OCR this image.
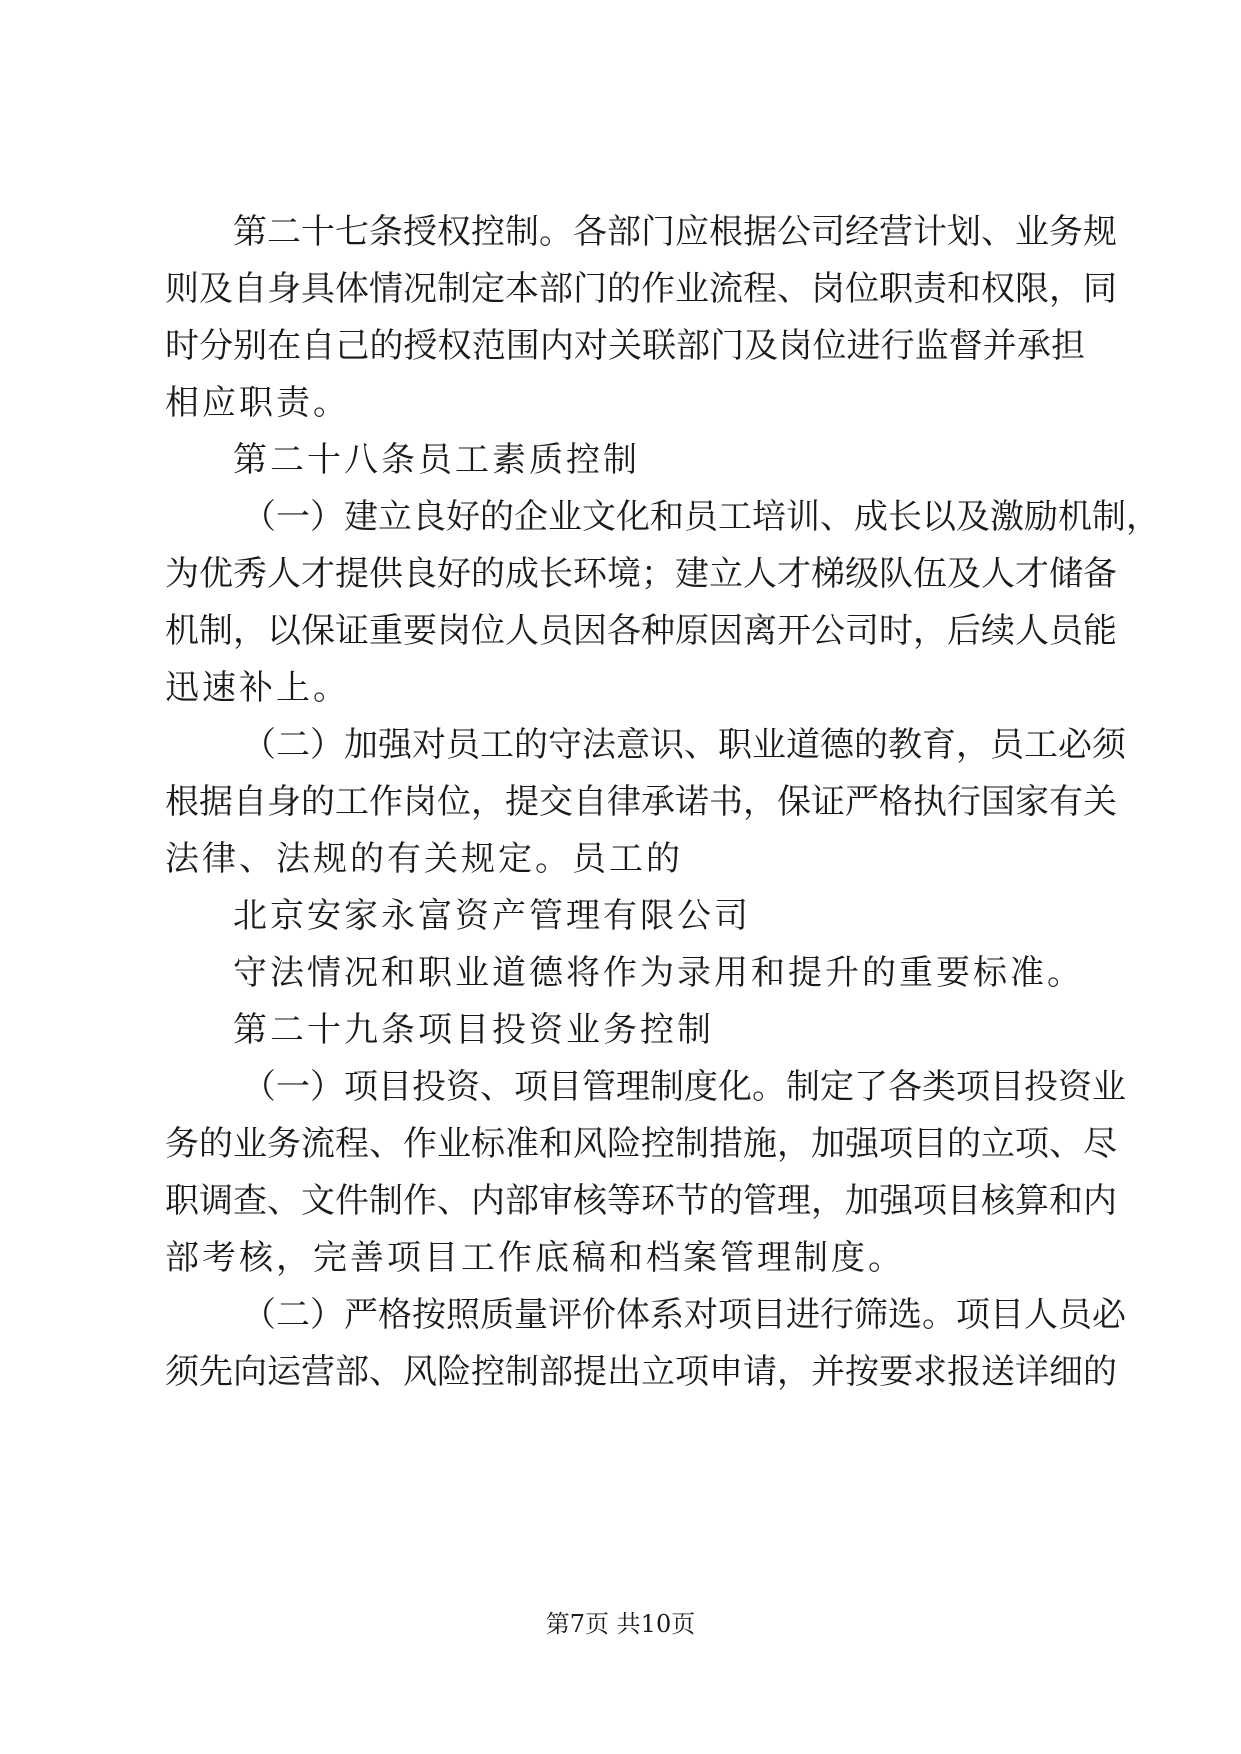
第二十七条授权控制。各部门应根据公司经营计划、业务规
则及自身具体情况制定本部门的作业流程、岗位职责和权限，同
时分别在自己的授权范围内对关联部门及岗位进行监督并承担
相应职责。
第二十八条员工素质控制
（一）建立良好的企业文化和员工培训、成长以及激励机制，
为优秀人才提供良好的成长环境；建立人才梯级队伍及人才储备
机制，以保证重要岗位人员因各种原因离开公司时，后续人员能
迅速补上。
（二）加强对员工的守法意识、职业道德的教育，员工必须
根据自身的工作岗位，提交自律承诺书，保证严格执行国家有关
法律、法规的有关规定。员工的
北京安家永富资产管理有限公司
守法情况和职业道德将作为录用和提升的重要标准。
第二十九条项目投资业务控制
（一）项目投资、项目管理制度化。制定了各类项目投资业
务的业务流程、作业标准和风险控制措施，加强项目的立项、尽
职调查、文件制作、内部审核等环节的管理，加强项目核算和内
部考核，完善项目工作底稿和档案管理制度。
（二）严格按照质量评价体系对项目进行筛选。项目人员必
须先向运营部、风险控制部提出立项申请，并按要求报送详细的
第7页 共10页
